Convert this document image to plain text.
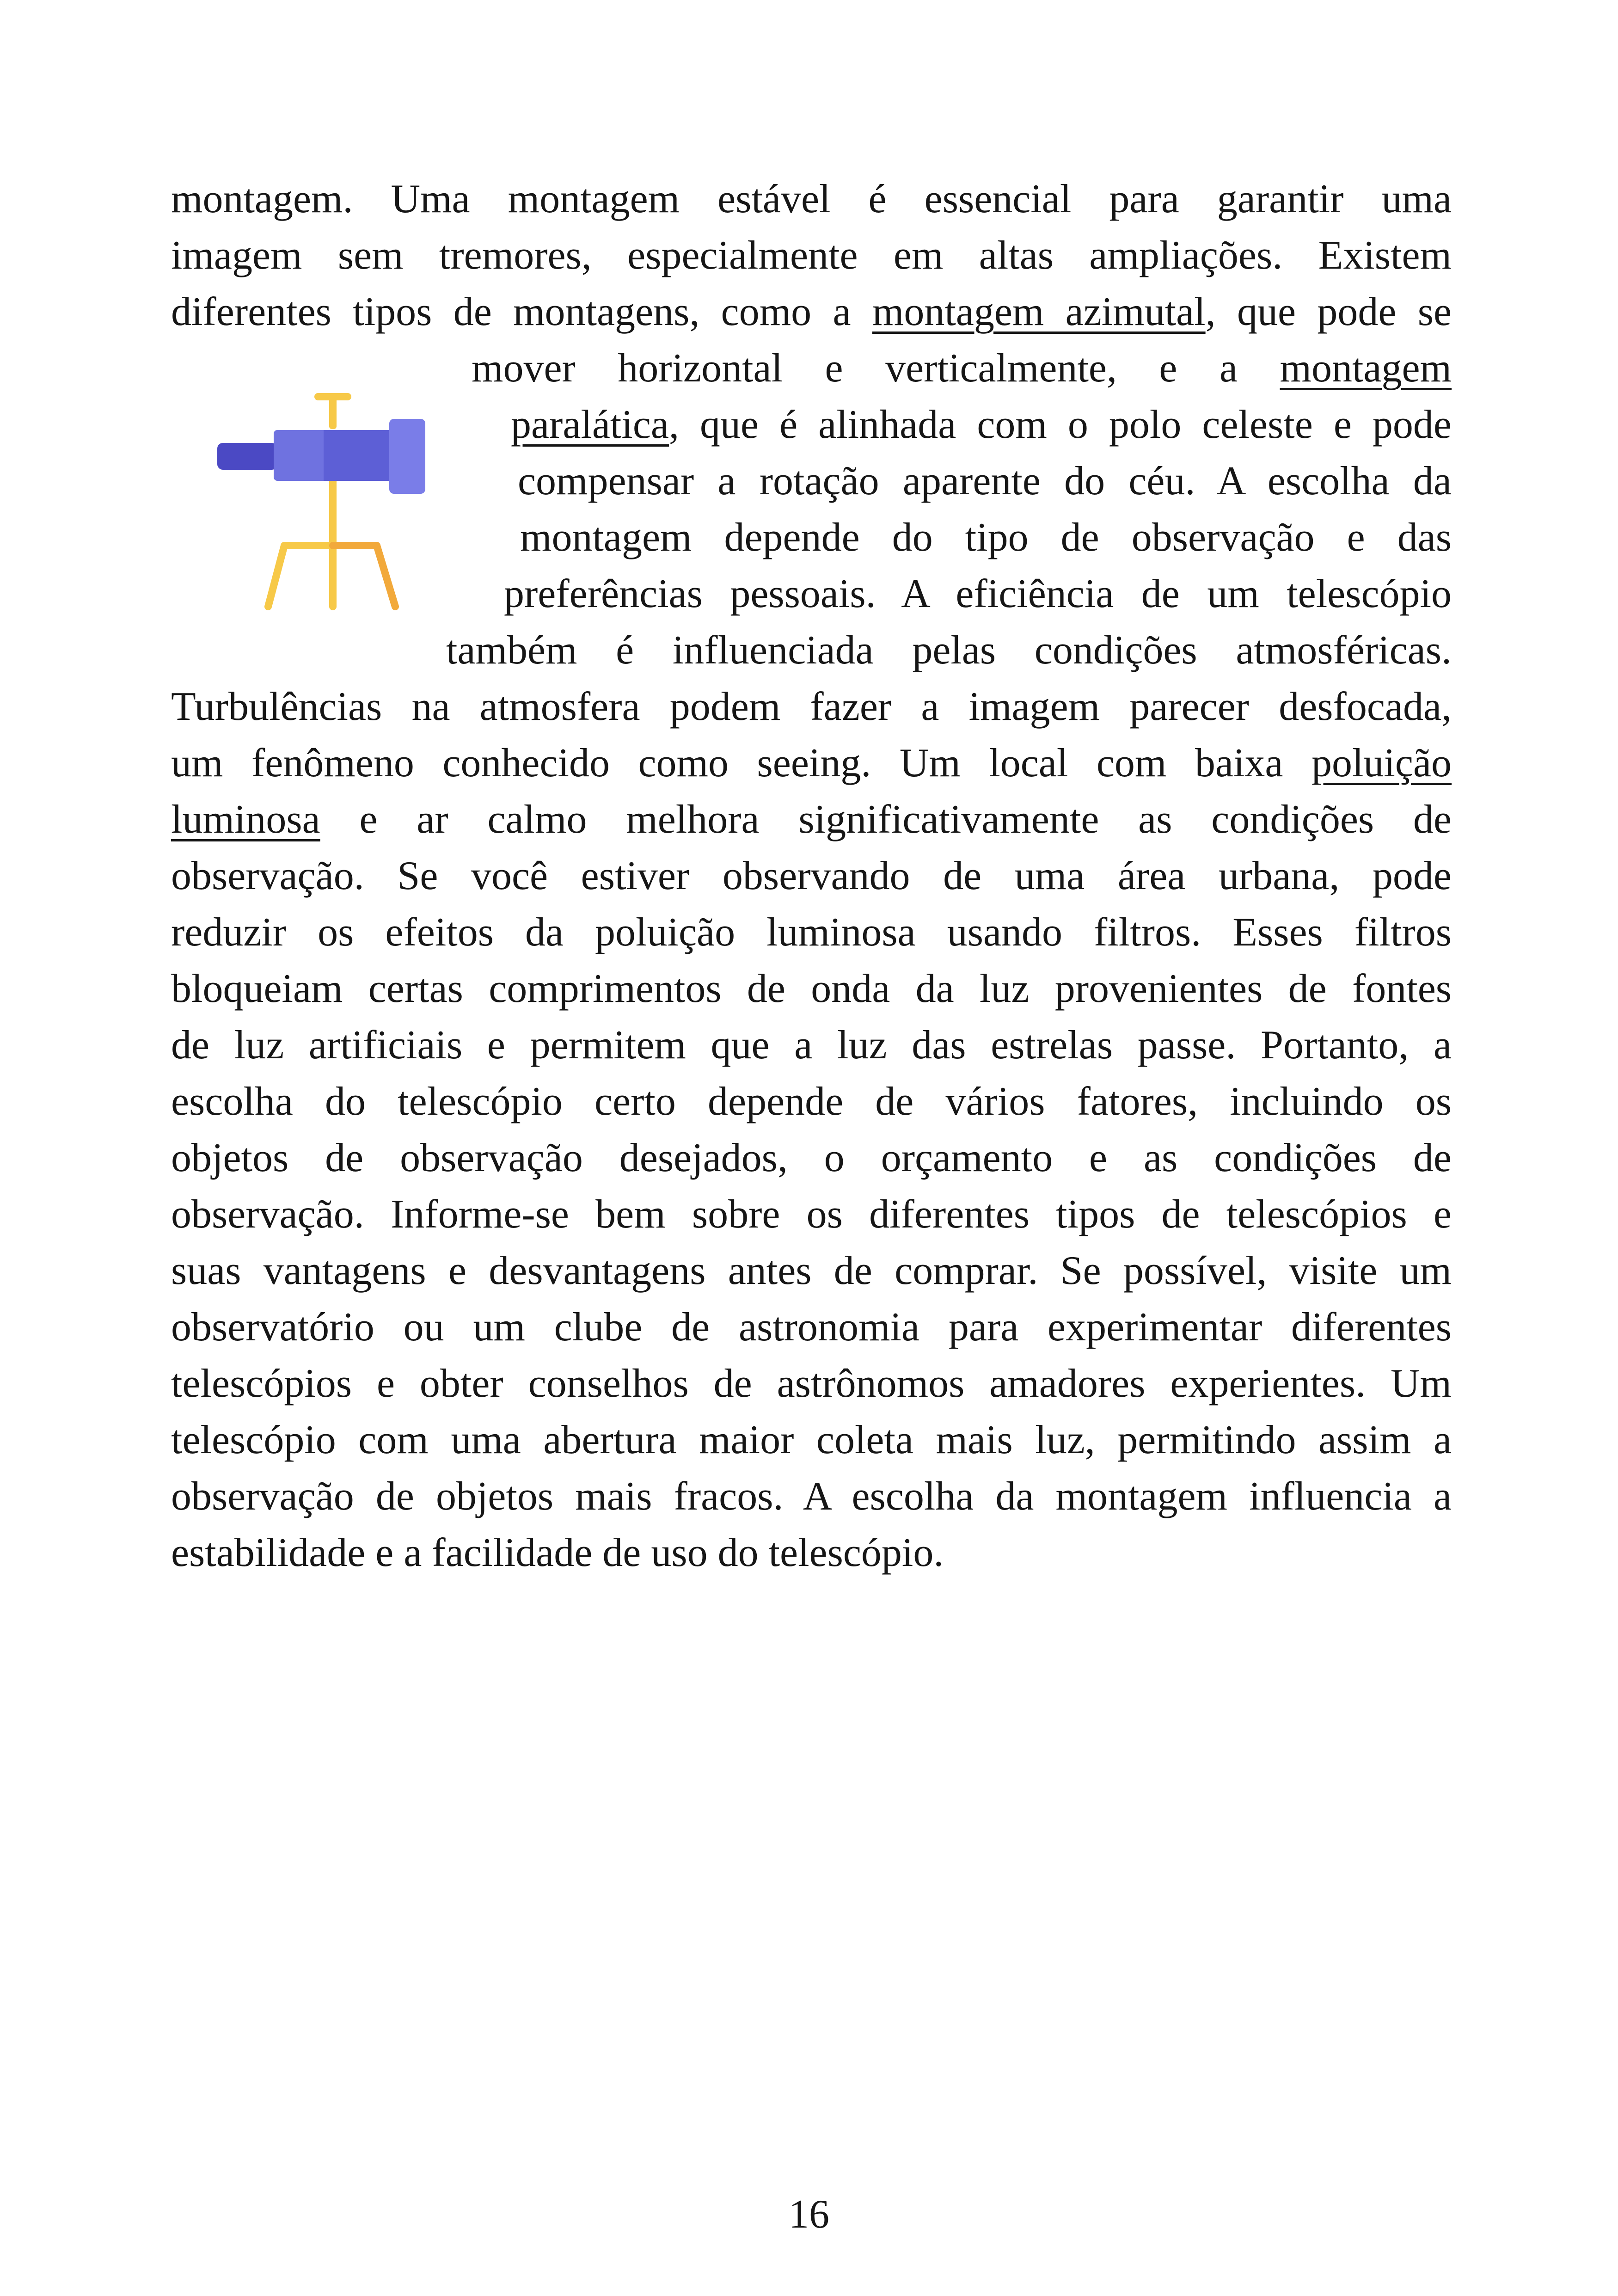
montagem. Uma montagem estável é essencial para garantir uma
imagem sem tremores, especialmente em altas ampliações. Existem
diferentes tipos de montagens, como a montagem azimutal, que pode se
mover horizontal e verticalmente, e a montagem
paralática, que é alinhada com o polo celeste e pode
compensar a rotação aparente do céu. A escolha da
montagem depende do tipo de observação e das
preferências pessoais. A eficiência de um telescópio
também é influenciada pelas condições atmosféricas.
Turbulências na atmosfera podem fazer a imagem parecer desfocada,
um fenômeno conhecido como seeing. Um local com baixa poluição
luminosa e ar calmo melhora significativamente as condições de
observação. Se você estiver observando de uma área urbana, pode
reduzir os efeitos da poluição luminosa usando filtros. Esses filtros
bloqueiam certas comprimentos de onda da luz provenientes de fontes
de luz artificiais e permitem que a luz das estrelas passe. Portanto, a
escolha do telescópio certo depende de vários fatores, incluindo os
objetos de observação desejados, o orçamento e as condições de
observação. Informe-se bem sobre os diferentes tipos de telescópios e
suas vantagens e desvantagens antes de comprar. Se possível, visite um
observatório ou um clube de astronomia para experimentar diferentes
telescópios e obter conselhos de astrônomos amadores experientes. Um
telescópio com uma abertura maior coleta mais luz, permitindo assim a
observação de objetos mais fracos. A escolha da montagem influencia a
estabilidade e a facilidade de uso do telescópio.
16
